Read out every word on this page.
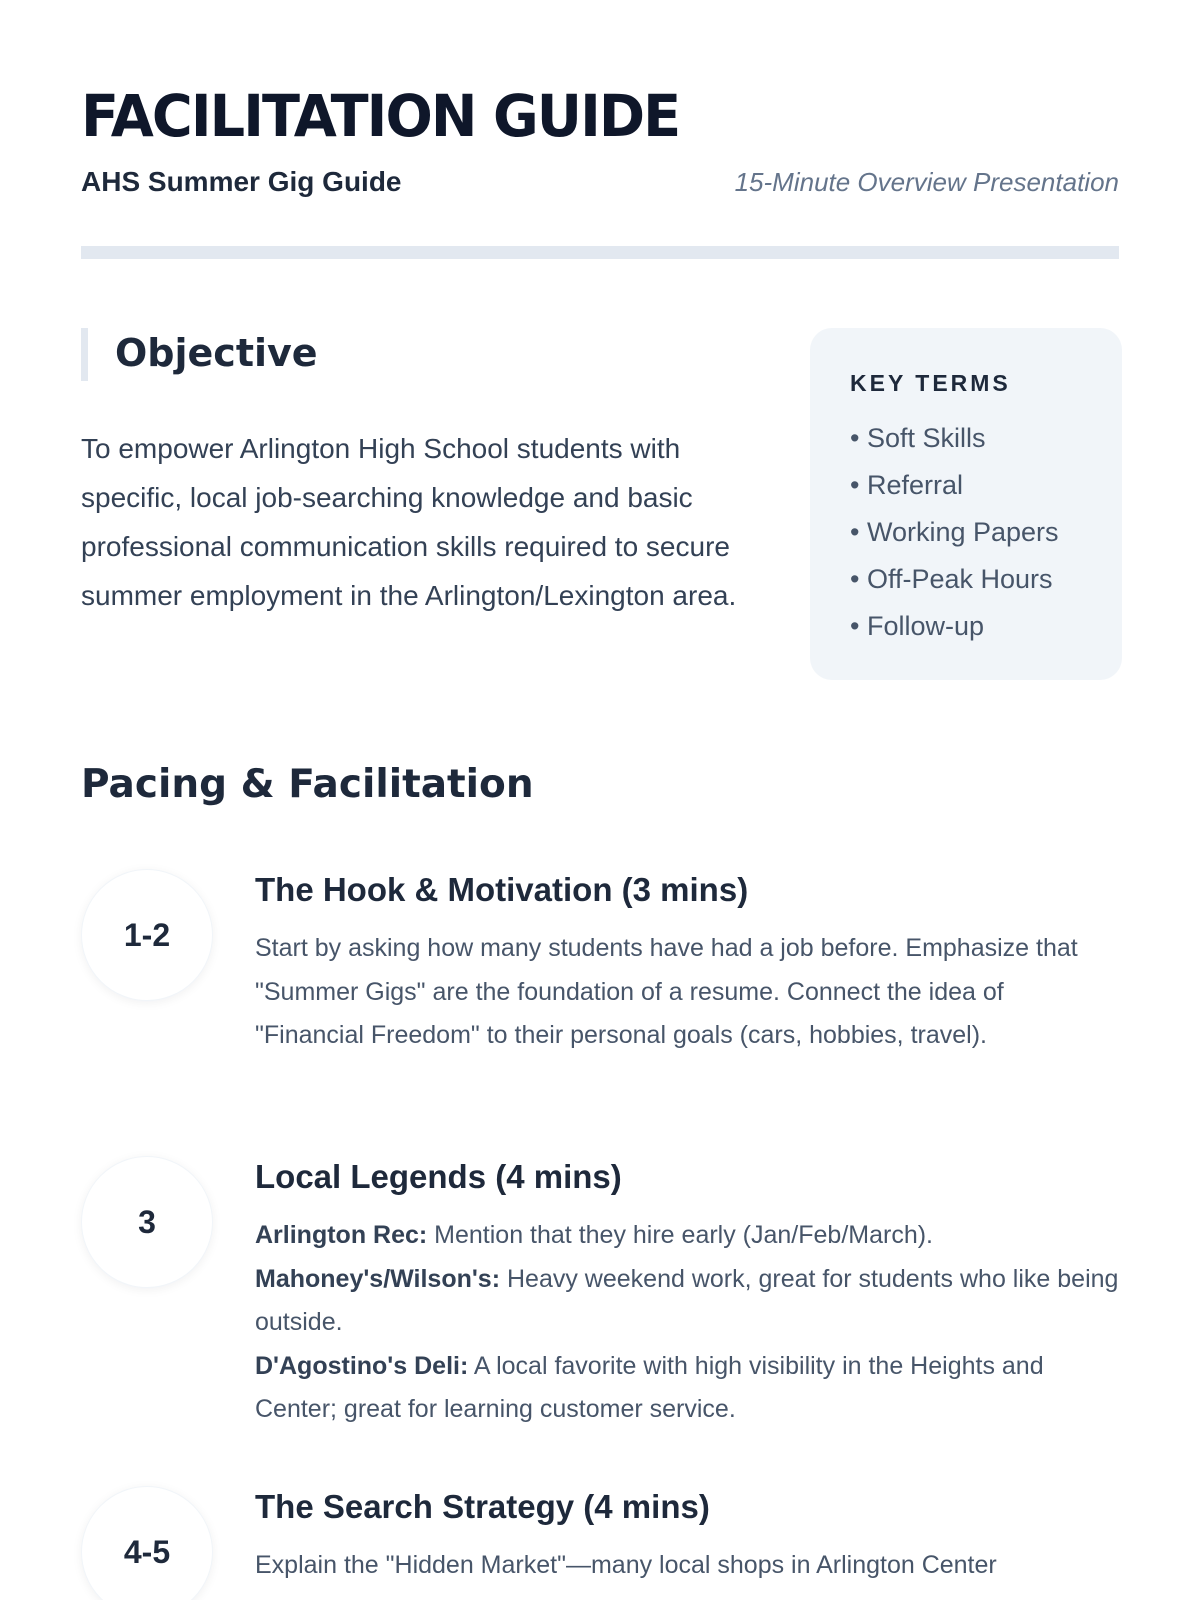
FACILITATION GUIDE
AHS Summer Gig Guide	15-Minute Overview Presentation
Objective

To empower Arlington High School students with specific, local job-searching knowledge and basic professional communication skills required to secure summer employment in the Arlington/Lexington area.

KEY TERMS
• Soft Skills
• Referral
• Working Papers
• Off-Peak Hours
• Follow-up
Pacing & Facilitation
1-2
The Hook & Motivation (3 mins)

Start by asking how many students have had a job before. Emphasize that "Summer Gigs" are the foundation of a resume. Connect the idea of "Financial Freedom" to their personal goals (cars, hobbies, travel).

3
Local Legends (4 mins)
Arlington Rec: Mention that they hire early (Jan/Feb/March).
Mahoney's/Wilson's: Heavy weekend work, great for students who like being outside.
D'Agostino's Deli: A local favorite with high visibility in the Heights and Center; great for learning customer service.
4-5
The Search Strategy (4 mins)

Explain the "Hidden Market"—many local shops in Arlington Center
